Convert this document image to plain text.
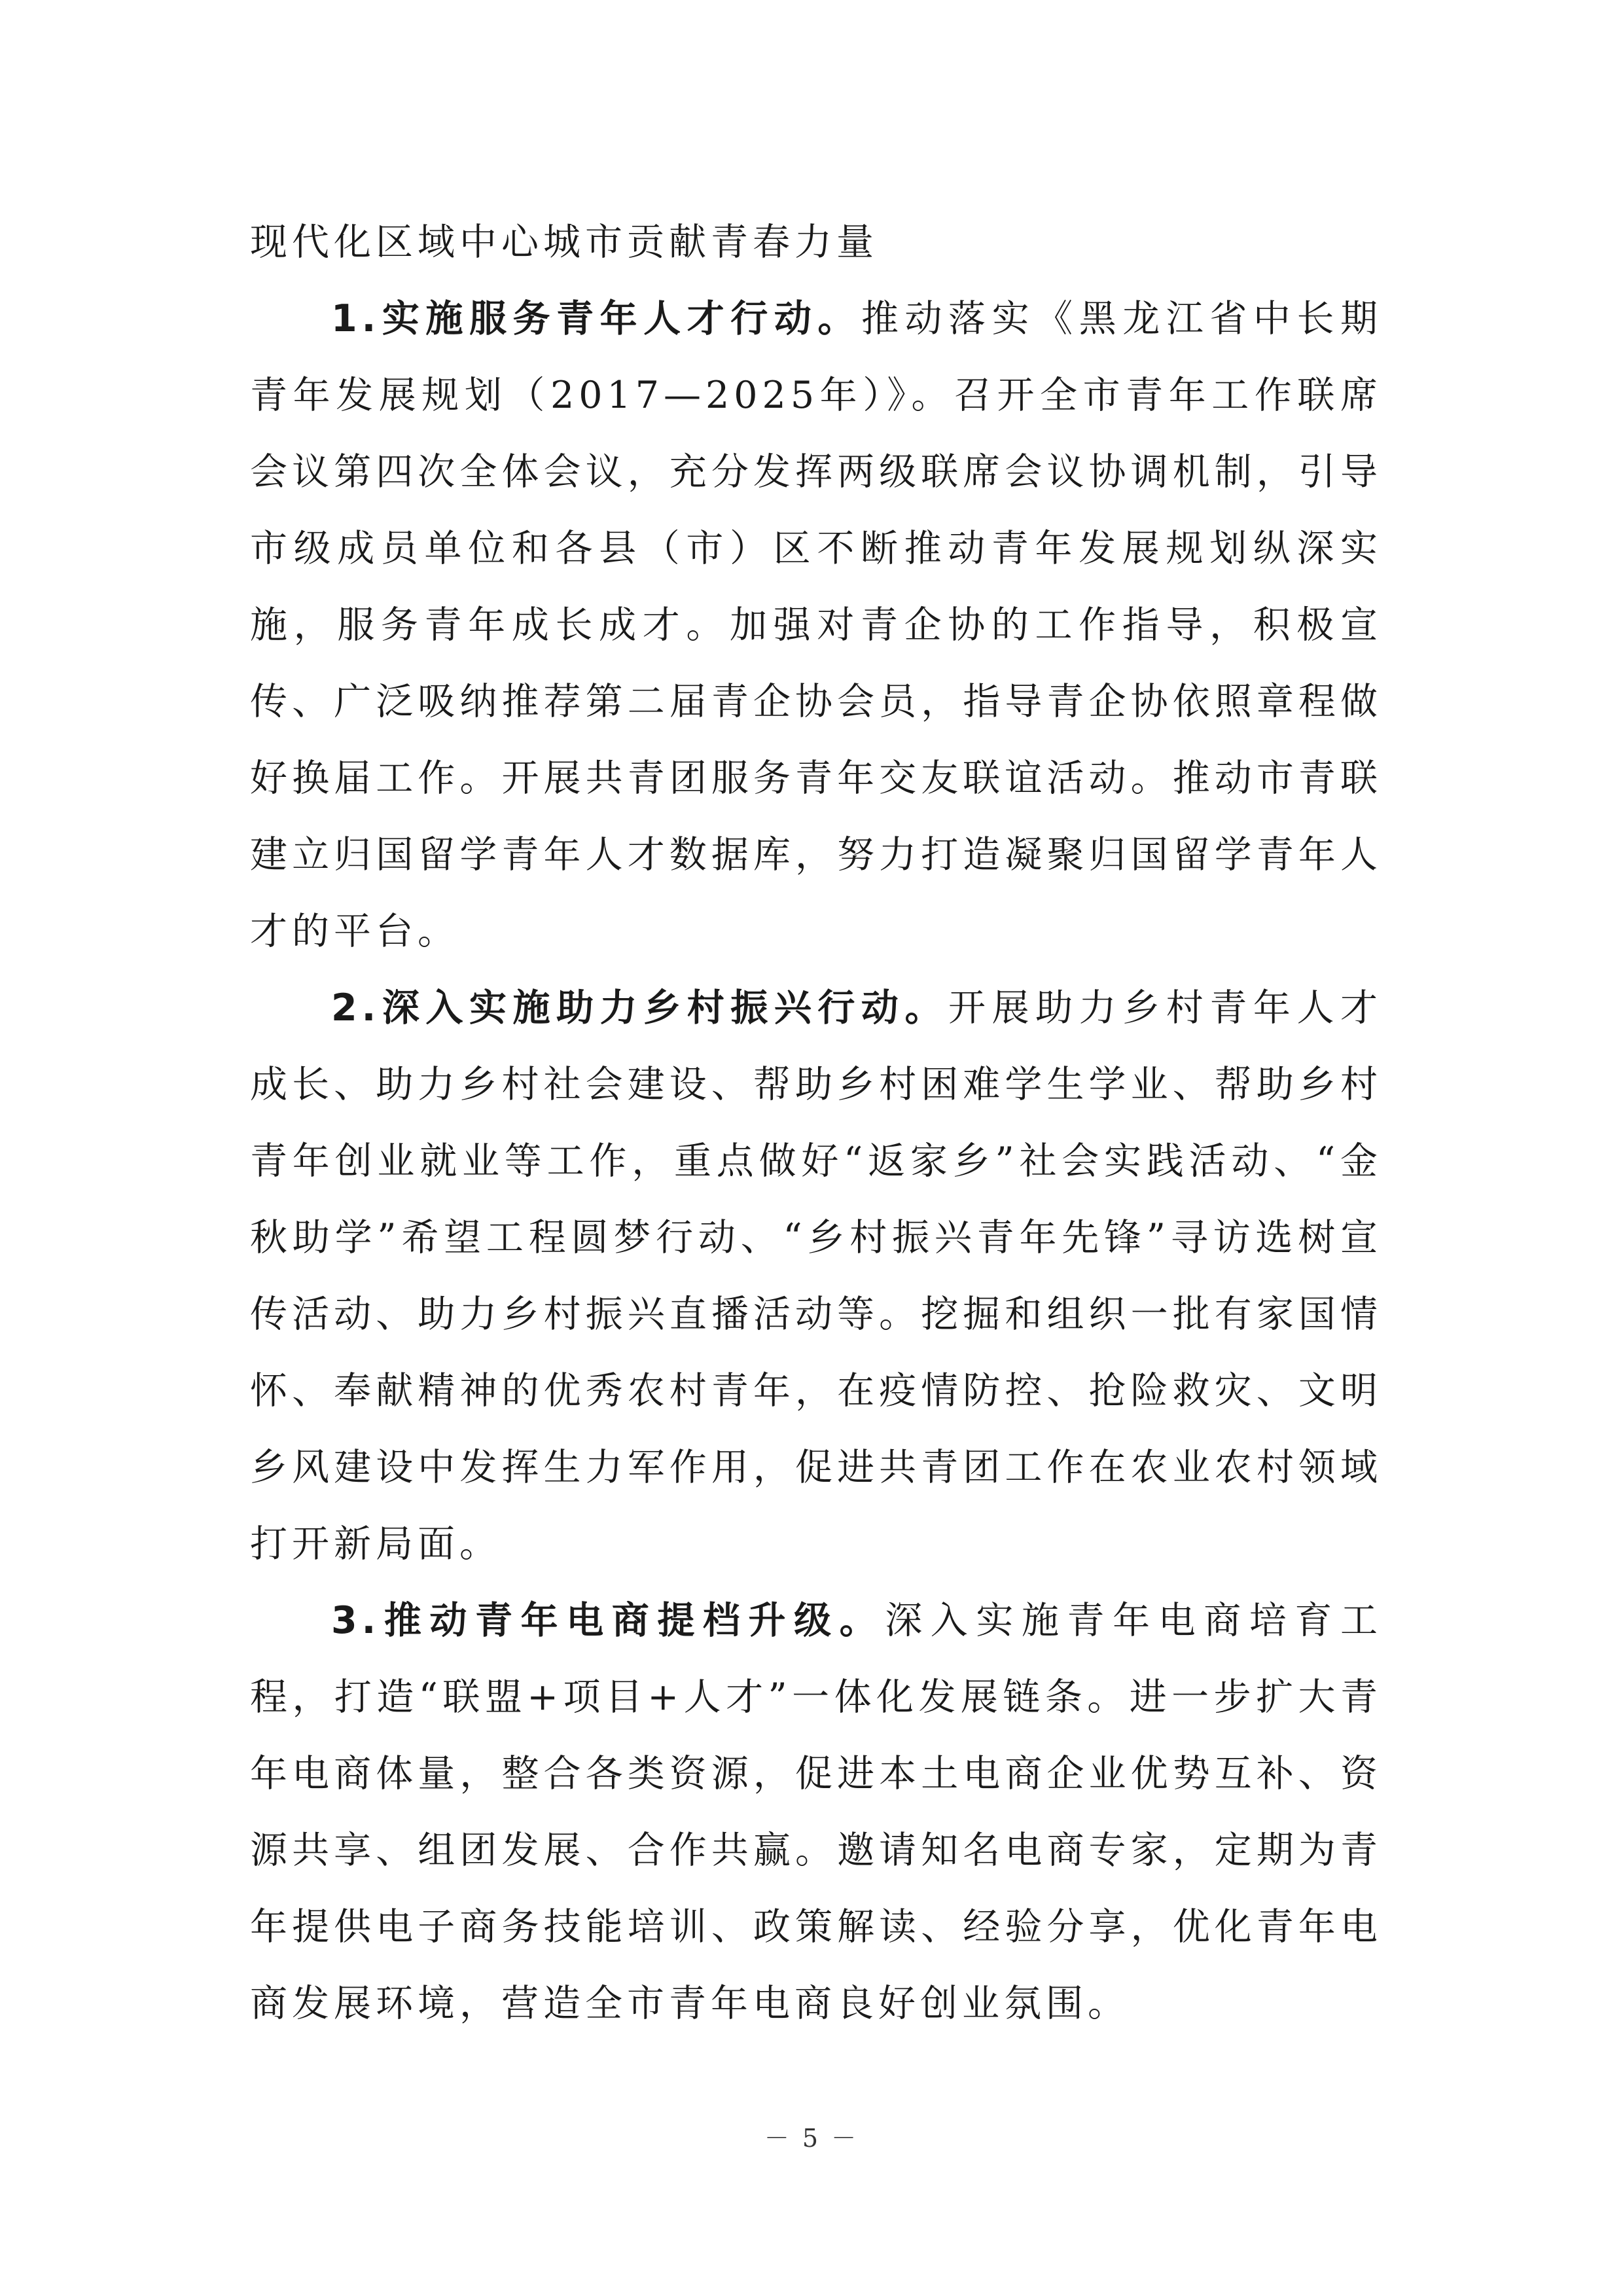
现代化区域中心城市贡献青春力量

1.实施服务青年人才行动。推动落实《黑龙江省中长期青年发展规划（2017—2025年）》。召开全市青年工作联席会议第四次全体会议，充分发挥两级联席会议协调机制，引导市级成员单位和各县（市）区不断推动青年发展规划纵深实施，服务青年成长成才。加强对青企协的工作指导，积极宣传、广泛吸纳推荐第二届青企协会员，指导青企协依照章程做好换届工作。开展共青团服务青年交友联谊活动。推动市青联建立归国留学青年人才数据库，努力打造凝聚归国留学青年人才的平台。

2.深入实施助力乡村振兴行动。开展助力乡村青年人才成长、助力乡村社会建设、帮助乡村困难学生学业、帮助乡村青年创业就业等工作，重点做好“返家乡”社会实践活动、“金秋助学”希望工程圆梦行动、“乡村振兴青年先锋”寻访选树宣传活动、助力乡村振兴直播活动等。挖掘和组织一批有家国情怀、奉献精神的优秀农村青年，在疫情防控、抢险救灾、文明乡风建设中发挥生力军作用，促进共青团工作在农业农村领域打开新局面。

3.推动青年电商提档升级。深入实施青年电商培育工程，打造“联盟+项目+人才”一体化发展链条。进一步扩大青年电商体量，整合各类资源，促进本土电商企业优势互补、资源共享、组团发展、合作共赢。邀请知名电商专家，定期为青年提供电子商务技能培训、政策解读、经验分享，优化青年电商发展环境，营造全市青年电商良好创业氛围。

－ 5 －
